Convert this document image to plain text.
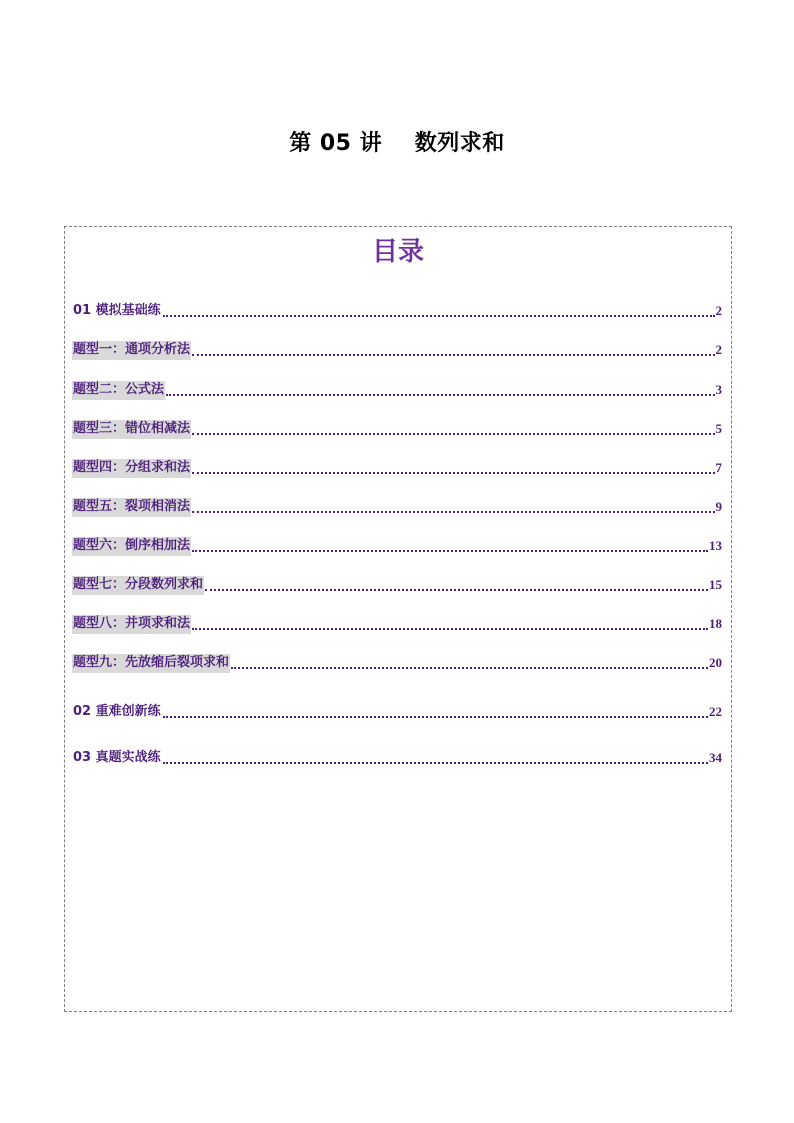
第 05 讲    数列求和
目录
01 模拟基础练	2
题型一：通项分析法	2
题型二：公式法	3
题型三：错位相减法	5
题型四：分组求和法	7
题型五：裂项相消法	9
题型六：倒序相加法	13
题型七：分段数列求和	15
题型八：并项求和法	18
题型九：先放缩后裂项求和	20
02 重难创新练	22
03 真题实战练	34
